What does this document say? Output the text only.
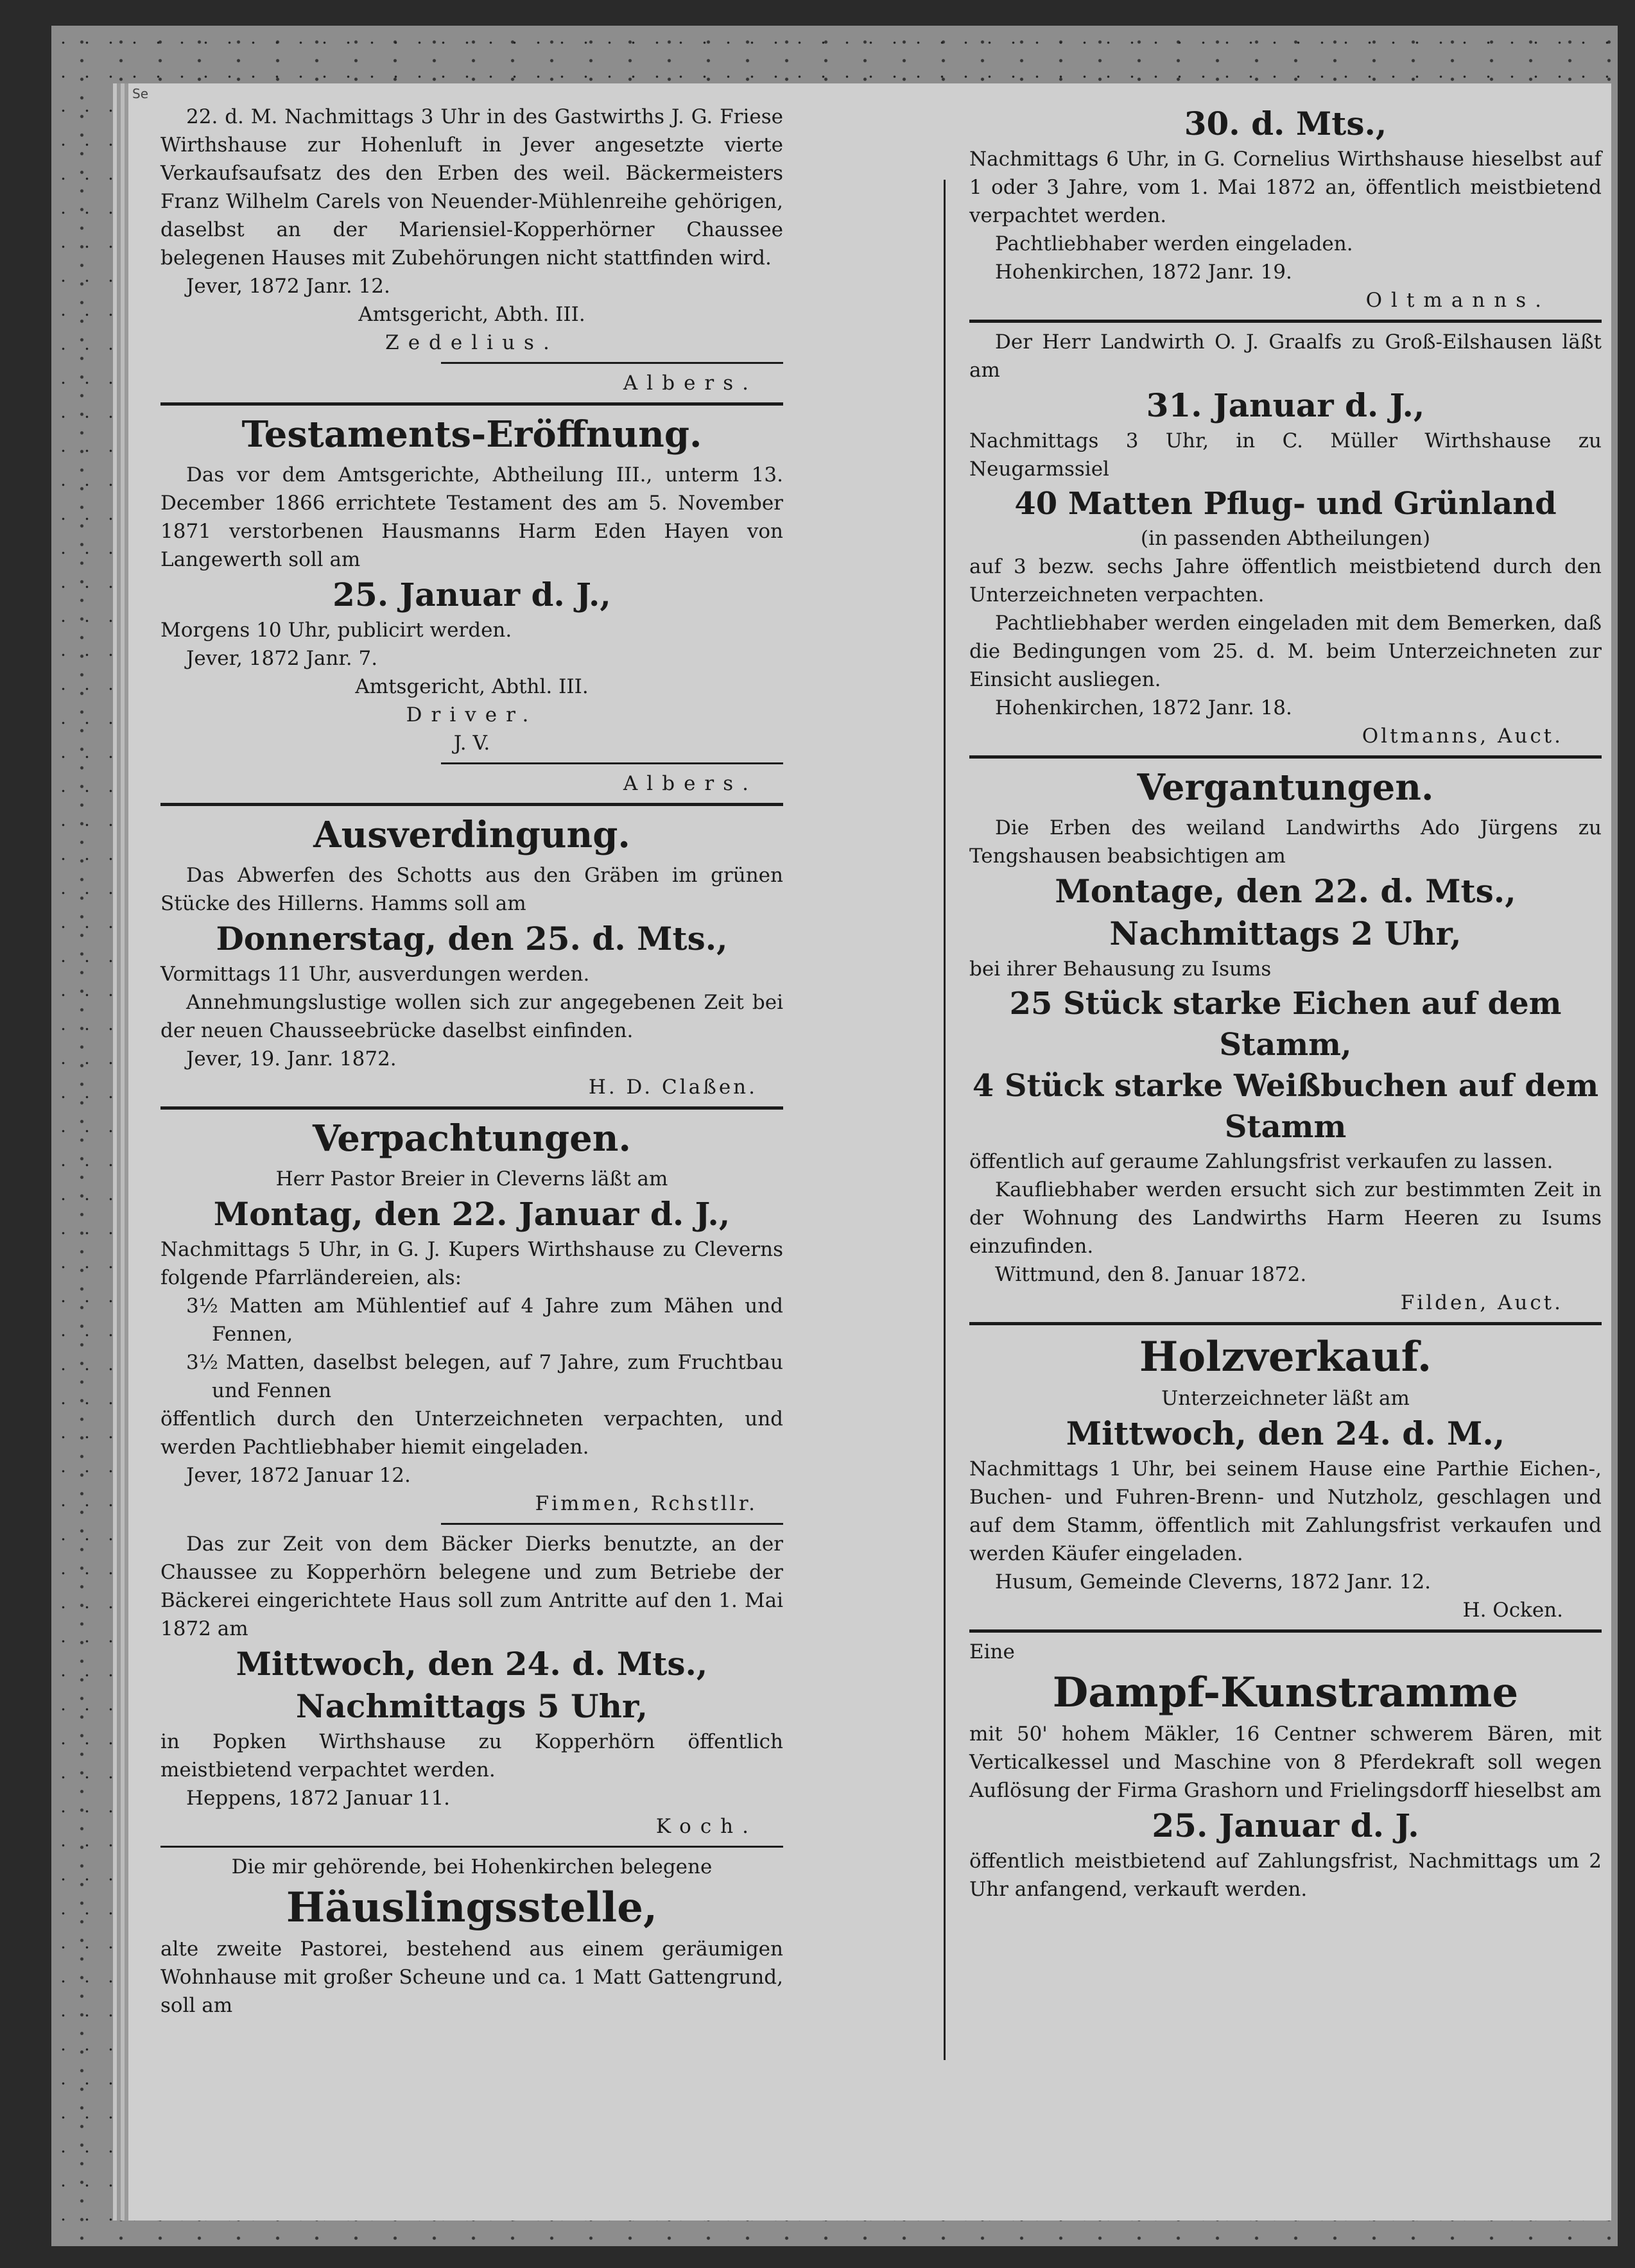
Se

22. d. M. Nachmittags 3 Uhr in des Gastwirths J. G. Friese Wirthshause zur Hohenluft in Jever angesetzte vierte Verkaufsaufsatz des den Erben des weil. Bäckermeisters Franz Wilhelm Carels von Neuender-Mühlenreihe gehörigen, daselbst an der Mariensiel-Kopperhörner Chaussee belegenen Hauses mit Zubehörungen nicht stattfinden wird.

Jever, 1872 Janr. 12.

Amtsgericht, Abth. III.

Zedelius.

Albers.

Testaments-Eröffnung.

Das vor dem Amtsgerichte, Abtheilung III., unterm 13. December 1866 errichtete Testament des am 5. November 1871 verstorbenen Hausmanns Harm Eden Hayen von Langewerth soll am

25. Januar d. J.,

Morgens 10 Uhr, publicirt werden.

Jever, 1872 Janr. 7.

Amtsgericht, Abthl. III.

Driver.

J. V.

Albers.

Ausverdingung.

Das Abwerfen des Schotts aus den Gräben im grünen Stücke des Hillerns. Hamms soll am

Donnerstag, den 25. d. Mts.,

Vormittags 11 Uhr, ausverdungen werden.

Annehmungslustige wollen sich zur angegebenen Zeit bei der neuen Chausseebrücke daselbst einfinden.

Jever, 19. Janr. 1872.

H. D. Claßen.

Verpachtungen.

Herr Pastor Breier in Cleverns läßt am

Montag, den 22. Januar d. J.,

Nachmittags 5 Uhr, in G. J. Kupers Wirthshause zu Cleverns folgende Pfarrländereien, als:

3½ Matten am Mühlentief auf 4 Jahre zum Mähen und Fennen,

3½ Matten, daselbst belegen, auf 7 Jahre, zum Fruchtbau und Fennen

öffentlich durch den Unterzeichneten verpachten, und werden Pachtliebhaber hiemit eingeladen.

Jever, 1872 Januar 12.

Fimmen, Rchstllr.

Das zur Zeit von dem Bäcker Dierks benutzte, an der Chaussee zu Kopperhörn belegene und zum Betriebe der Bäckerei eingerichtete Haus soll zum Antritte auf den 1. Mai 1872 am

Mittwoch, den 24. d. Mts.,

Nachmittags 5 Uhr,

in Popken Wirthshause zu Kopperhörn öffentlich meistbietend verpachtet werden.

Heppens, 1872 Januar 11.

Koch.

Die mir gehörende, bei Hohenkirchen belegene

Häuslingsstelle,

alte zweite Pastorei, bestehend aus einem geräumigen Wohnhause mit großer Scheune und ca. 1 Matt Gattengrund, soll am

30. d. Mts.,

Nachmittags 6 Uhr, in G. Cornelius Wirthshause hieselbst auf 1 oder 3 Jahre, vom 1. Mai 1872 an, öffentlich meistbietend verpachtet werden.

Pachtliebhaber werden eingeladen.

Hohenkirchen, 1872 Janr. 19.

Oltmanns.

Der Herr Landwirth O. J. Graalfs zu Groß-Eilshausen läßt am

31. Januar d. J.,

Nachmittags 3 Uhr, in C. Müller Wirthshause zu Neugarmssiel

40 Matten Pflug- und Grünland

(in passenden Abtheilungen)

auf 3 bezw. sechs Jahre öffentlich meistbietend durch den Unterzeichneten verpachten.

Pachtliebhaber werden eingeladen mit dem Bemerken, daß die Bedingungen vom 25. d. M. beim Unterzeichneten zur Einsicht ausliegen.

Hohenkirchen, 1872 Janr. 18.

Oltmanns, Auct.

Vergantungen.

Die Erben des weiland Landwirths Ado Jürgens zu Tengshausen beabsichtigen am

Montage, den 22. d. Mts.,

Nachmittags 2 Uhr,

bei ihrer Behausung zu Isums

25 Stück starke Eichen auf dem Stamm,

4 Stück starke Weißbuchen auf dem Stamm

öffentlich auf geraume Zahlungsfrist verkaufen zu lassen.

Kaufliebhaber werden ersucht sich zur bestimmten Zeit in der Wohnung des Landwirths Harm Heeren zu Isums einzufinden.

Wittmund, den 8. Januar 1872.

Filden, Auct.

Holzverkauf.

Unterzeichneter läßt am

Mittwoch, den 24. d. M.,

Nachmittags 1 Uhr, bei seinem Hause eine Parthie Eichen-, Buchen- und Fuhren-Brenn- und Nutzholz, geschlagen und auf dem Stamm, öffentlich mit Zahlungsfrist verkaufen und werden Käufer eingeladen.

Husum, Gemeinde Cleverns, 1872 Janr. 12.

H. Ocken.

Eine

Dampf-Kunstramme

mit 50' hohem Mäkler, 16 Centner schwerem Bären, mit Verticalkessel und Maschine von 8 Pferdekraft soll wegen Auflösung der Firma Grashorn und Frielingsdorff hieselbst am

25. Januar d. J.

öffentlich meistbietend auf Zahlungsfrist, Nachmittags um 2 Uhr anfangend, verkauft werden.
